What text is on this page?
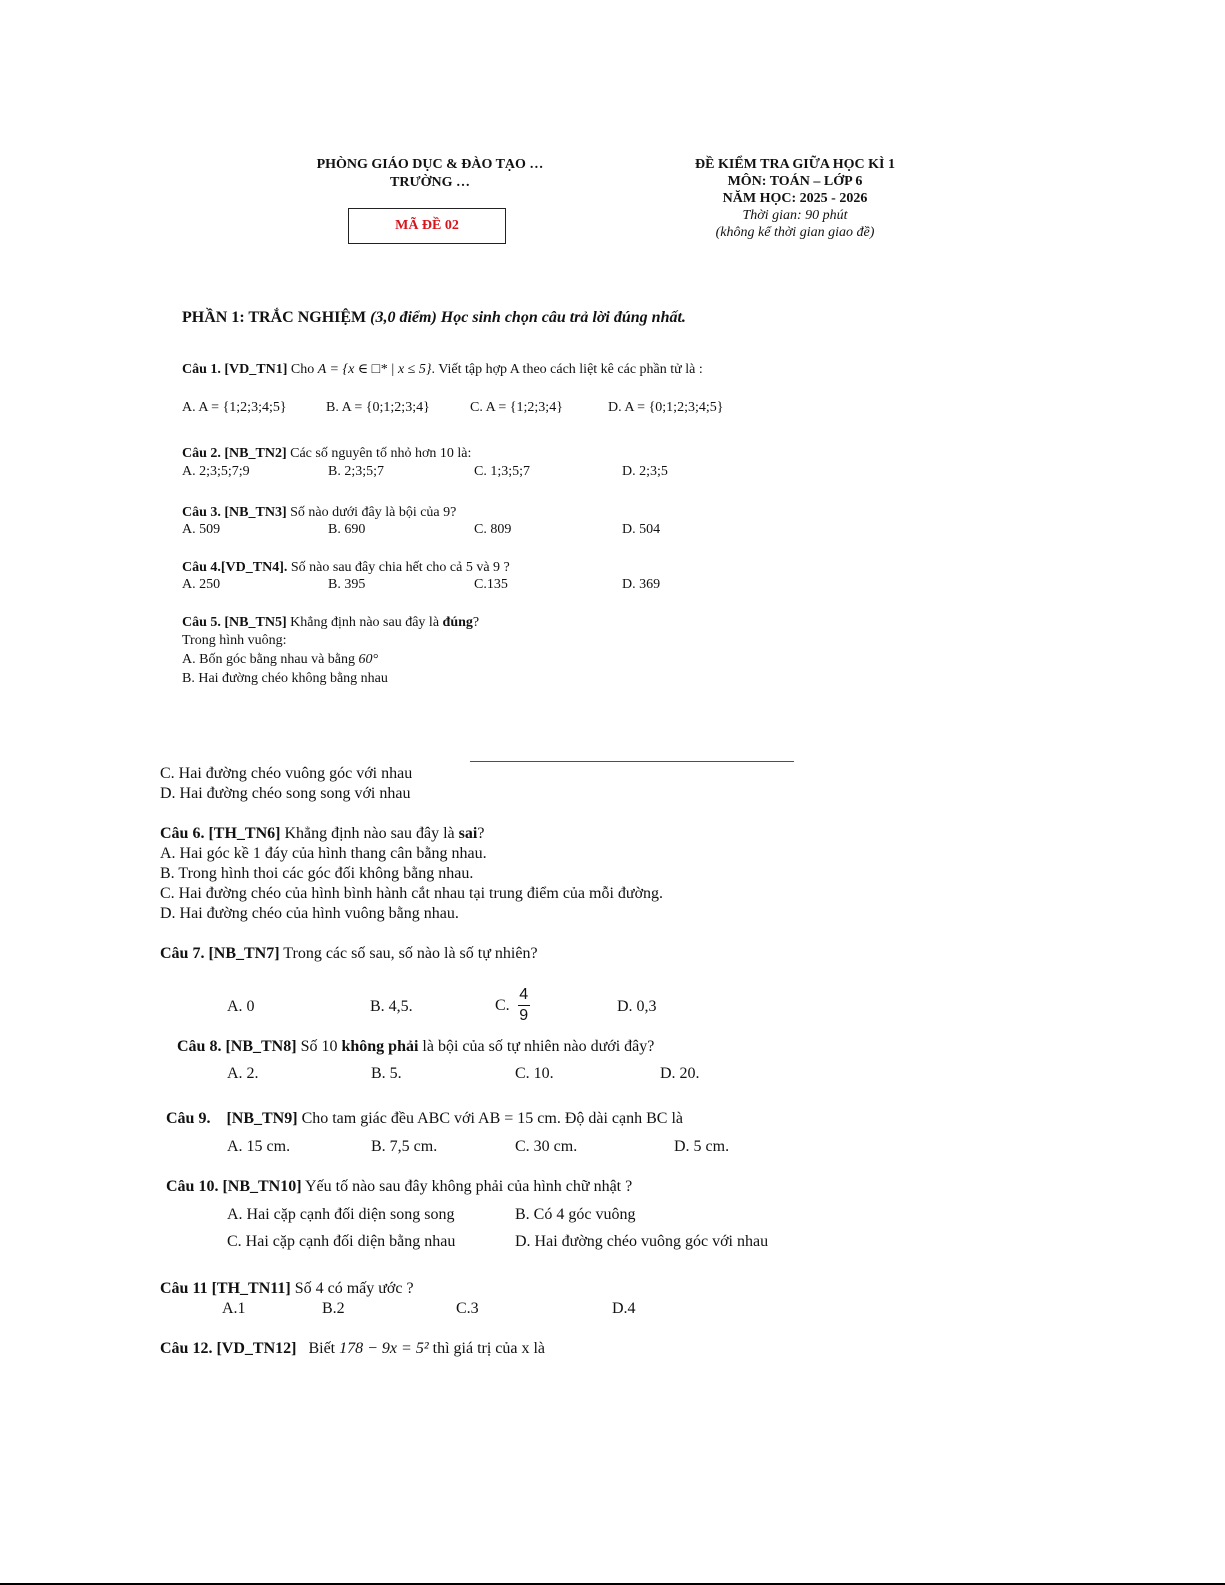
PHÒNG GIÁO DỤC & ĐÀO TẠO …
TRƯỜNG …
MÃ ĐỀ 02
ĐỀ KIỂM TRA GIỮA HỌC KÌ 1
MÔN: TOÁN – LỚP 6
NĂM HỌC: 2025 - 2026
Thời gian: 90 phút
(không kể thời gian giao đề)
PHẦN 1: TRẮC NGHIỆM (3,0 điểm) Học sinh chọn câu trả lời đúng nhất.
Câu 1. [VD_TN1] Cho A = {x ∈ □* | x ≤ 5}. Viết tập hợp A theo cách liệt kê các phần tử là :
A. A = {1;2;3;4;5}	B. A = {0;1;2;3;4}	C. A = {1;2;3;4}	D. A = {0;1;2;3;4;5}
Câu 2. [NB_TN2] Các số nguyên tố nhỏ hơn 10 là:
A. 2;3;5;7;9	B. 2;3;5;7	C. 1;3;5;7	D. 2;3;5
Câu 3. [NB_TN3] Số nào dưới đây là bội của 9?
A. 509	B. 690	C. 809	D. 504
Câu 4.[VD_TN4]. Số nào sau đây chia hết cho cả 5 và 9 ?
A. 250	B. 395	C.135	D. 369
Câu 5. [NB_TN5] Khẳng định nào sau đây là đúng?
Trong hình vuông:
A. Bốn góc bằng nhau và bằng 60°
B. Hai đường chéo không bằng nhau
C. Hai đường chéo vuông góc với nhau
D. Hai đường chéo song song với nhau
Câu 6. [TH_TN6] Khẳng định nào sau đây là sai?
A. Hai góc kề 1 đáy của hình thang cân bằng nhau.
B. Trong hình thoi các góc đối không bằng nhau.
C. Hai đường chéo của hình bình hành cắt nhau tại trung điểm của mỗi đường.
D. Hai đường chéo của hình vuông bằng nhau.
Câu 7. [NB_TN7] Trong các số sau, số nào là số tự nhiên?
A. 0	B. 4,5.	C. $\frac{4}{9}$	D. 0,3
Câu 8. [NB_TN8] Số 10 không phải là bội của số tự nhiên nào dưới đây?
A. 2.	B. 5.	C. 10.	D. 20.
Câu 9. [NB_TN9] Cho tam giác đều ABC với AB = 15 cm. Độ dài cạnh BC là
A. 15 cm.	B. 7,5 cm.	C. 30 cm.	D. 5 cm.
Câu 10. [NB_TN10] Yếu tố nào sau đây không phải của hình chữ nhật ?
A. Hai cặp cạnh đối diện song song	B. Có 4 góc vuông
C. Hai cặp cạnh đối diện bằng nhau	D. Hai đường chéo vuông góc với nhau
Câu 11 [TH_TN11] Số 4 có mấy ước ?
A.1	B.2	C.3	D.4
Câu 12. [VD_TN12] Biết 178 − 9x = 5² thì giá trị của x là
